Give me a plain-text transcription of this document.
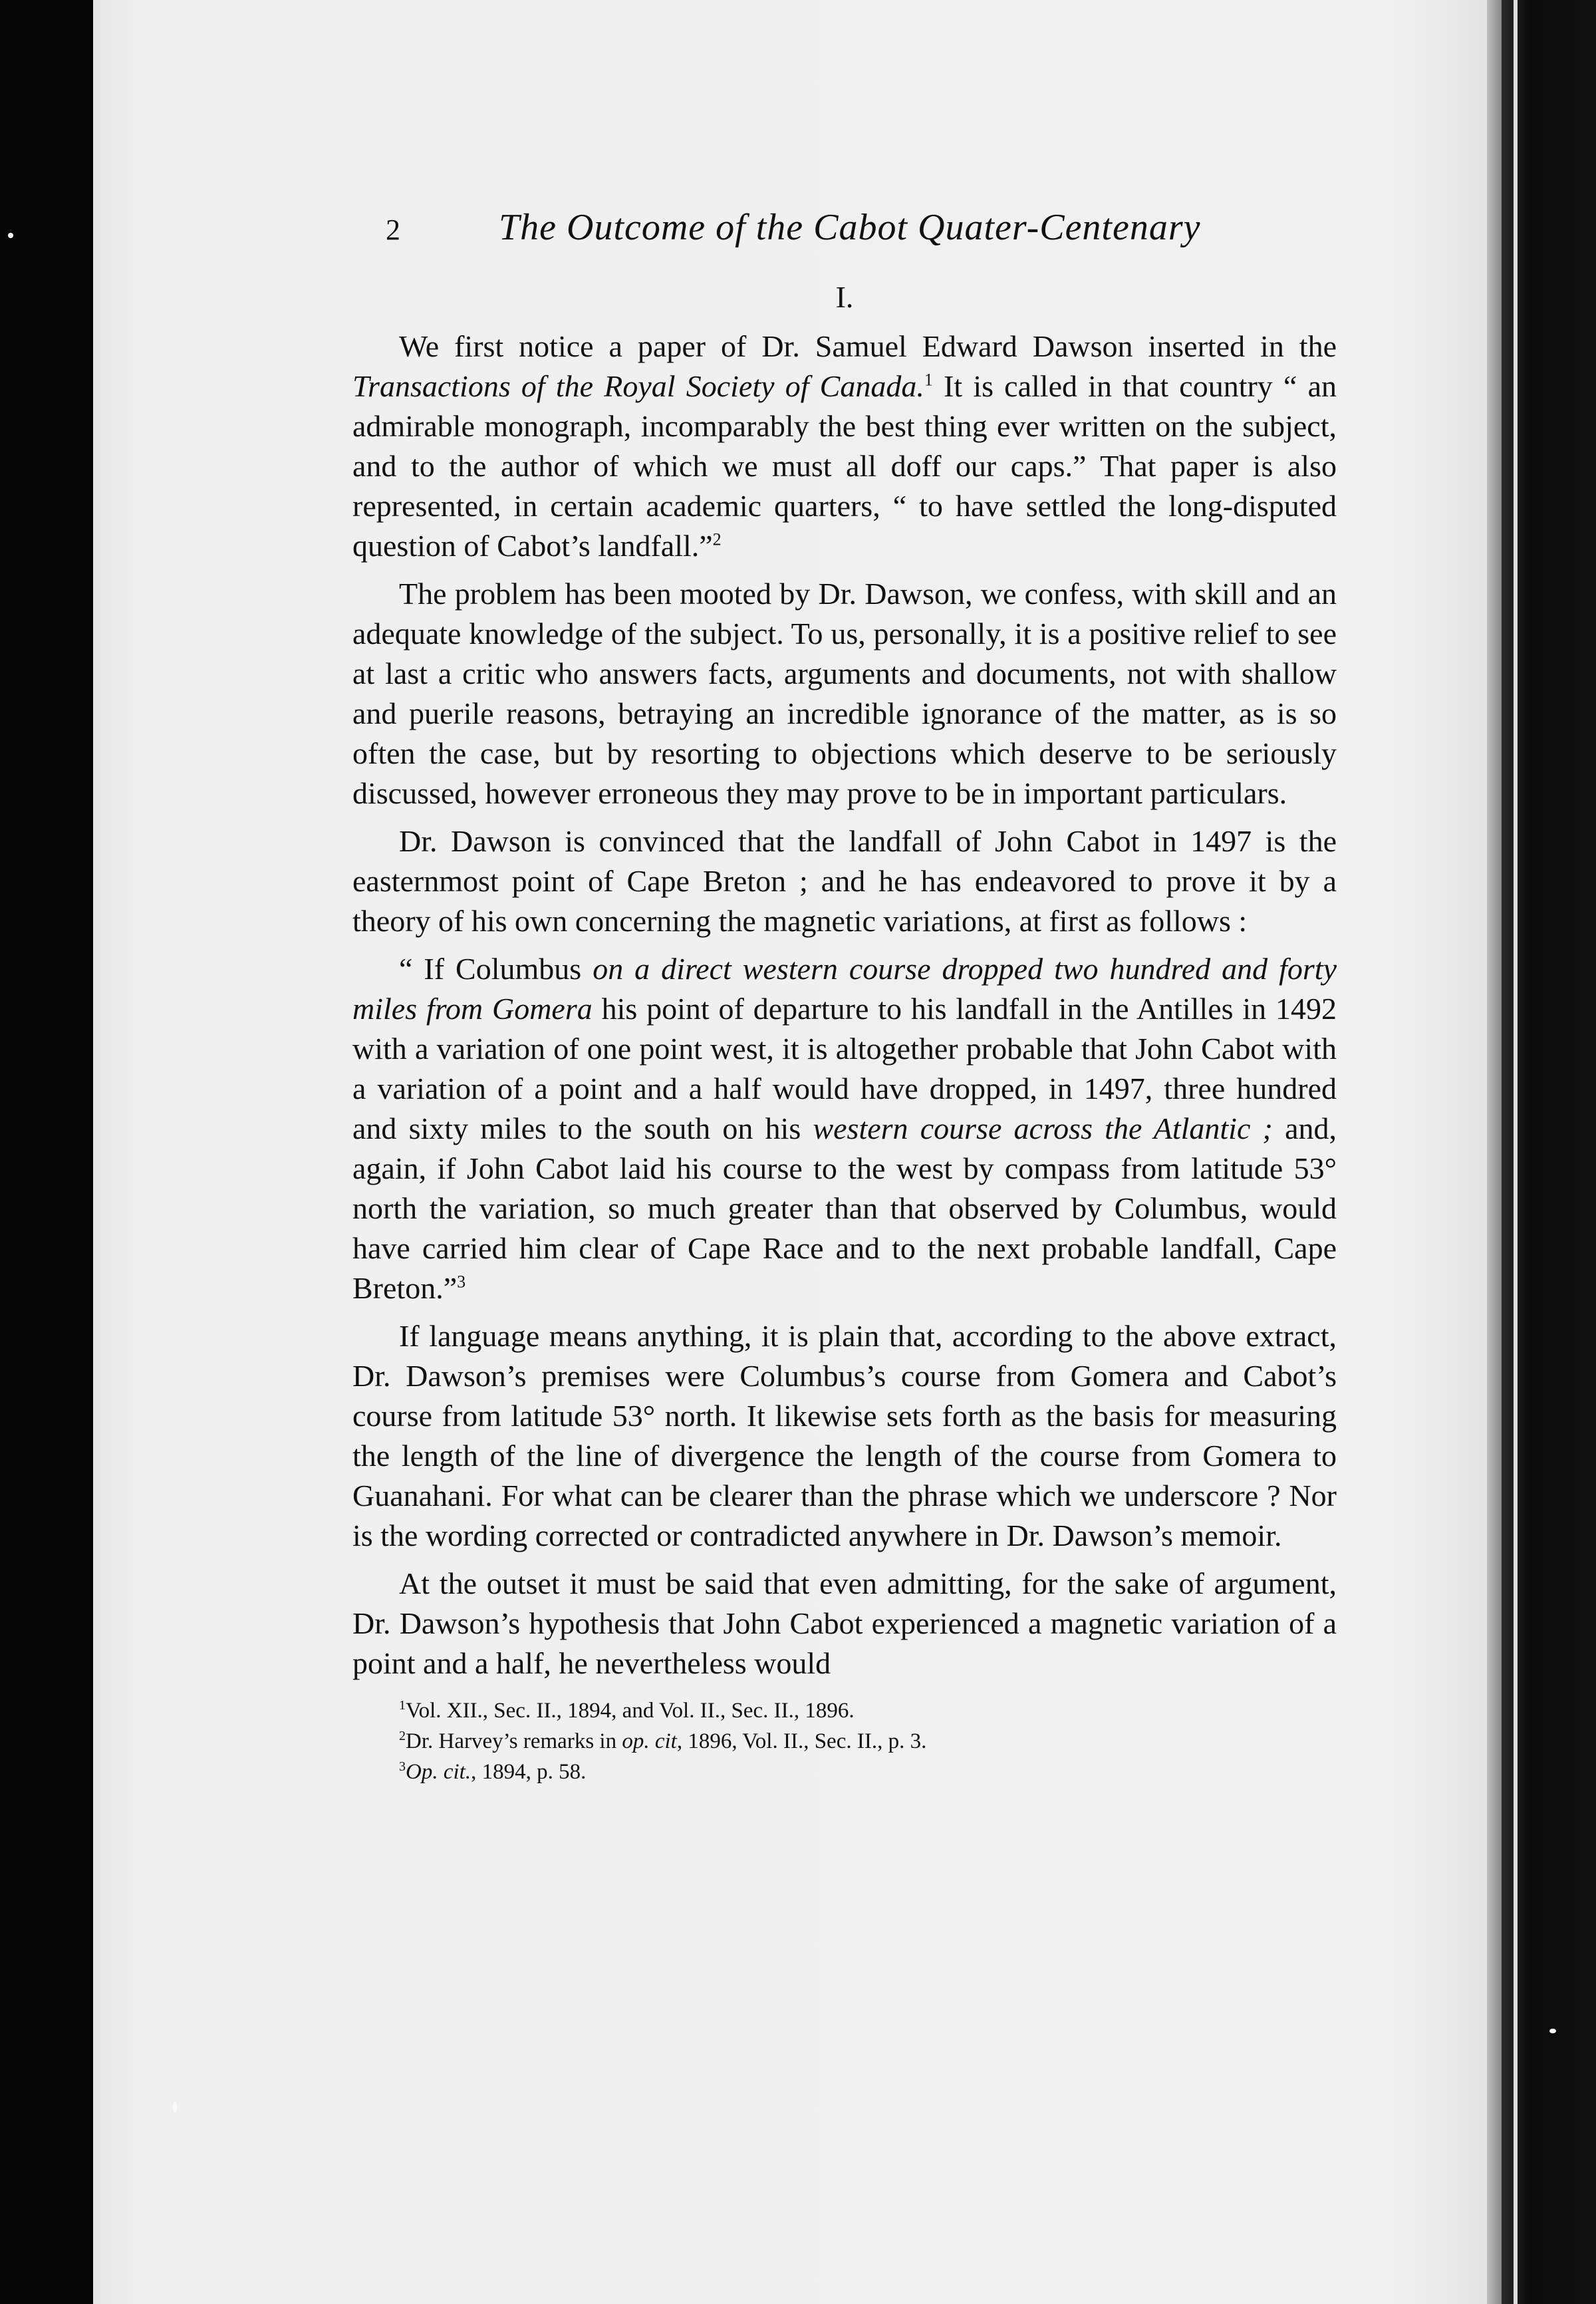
2	The Outcome of the Cabot Quater-Centenary
I.

We first notice a paper of Dr. Samuel Edward Dawson inserted in the Transactions of the Royal Society of Canada.$^1$ It is called in that country “ an admirable monograph, incomparably the best thing ever written on the subject, and to the author of which we must all doff our caps.” That paper is also represented, in certain academic quarters, “ to have settled the long-disputed question of Cabot’s landfall.”$^2$

The problem has been mooted by Dr. Dawson, we confess, with skill and an adequate knowledge of the subject. To us, personally, it is a positive relief to see at last a critic who answers facts, arguments and documents, not with shallow and puerile reasons, betraying an incredible ignorance of the matter, as is so often the case, but by resorting to objections which deserve to be seriously discussed, however erroneous they may prove to be in important particulars.

Dr. Dawson is convinced that the landfall of John Cabot in 1497 is the easternmost point of Cape Breton ; and he has endeavored to prove it by a theory of his own concerning the magnetic variations, at first as follows :

“ If Columbus on a direct western course dropped two hundred and forty miles from Gomera his point of departure to his landfall in the Antilles in 1492 with a variation of one point west, it is altogether probable that John Cabot with a variation of a point and a half would have dropped, in 1497, three hundred and sixty miles to the south on his western course across the Atlantic ; and, again, if John Cabot laid his course to the west by compass from latitude 53° north the variation, so much greater than that observed by Columbus, would have carried him clear of Cape Race and to the next probable landfall, Cape Breton.”$^3$

If language means anything, it is plain that, according to the above extract, Dr. Dawson’s premises were Columbus’s course from Gomera and Cabot’s course from latitude 53° north. It likewise sets forth as the basis for measuring the length of the line of divergence the length of the course from Gomera to Guanahani. For what can be clearer than the phrase which we underscore ? Nor is the wording corrected or contradicted anywhere in Dr. Dawson’s memoir.

At the outset it must be said that even admitting, for the sake of argument, Dr. Dawson’s hypothesis that John Cabot experienced a magnetic variation of a point and a half, he nevertheless would

$^1$Vol. XII., Sec. II., 1894, and Vol. II., Sec. II., 1896.
$^2$Dr. Harvey’s remarks in op. cit, 1896, Vol. II., Sec. II., p. 3.
$^3$Op. cit., 1894, p. 58.
